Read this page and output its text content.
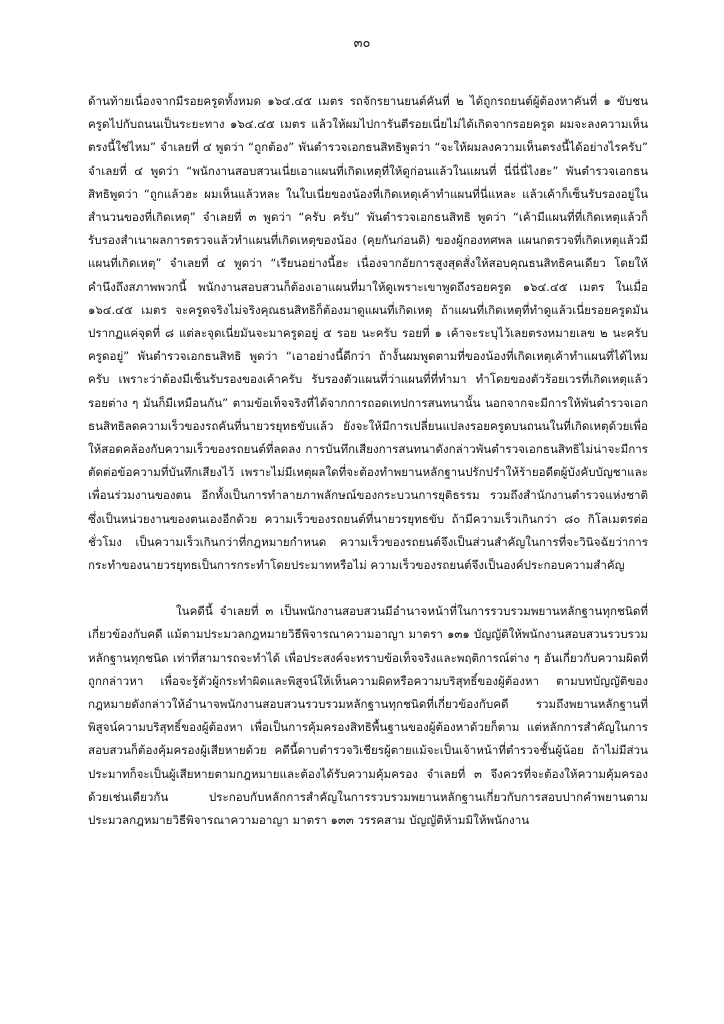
๓๐

ด้านท้ายเนื่องจากมีรอยครูดทั้งหมด ๑๖๔.๔๕ เมตร รถจักรยานยนต์คันที่ ๒ ได้ถูกรถยนต์ผู้ต้องหาคันที่ ๑ ขับชนครูดไปกับถนนเป็นระยะทาง ๑๖๔.๔๕ เมตร แล้วให้ผมไปการันตีรอยเนี่ยไม่ได้เกิดจากรอยครูด ผมจะลงความเห็นตรงนี้ใช่ไหม” จำเลยที่ ๔ พูดว่า “ถูกต้อง” พันตำรวจเอกธนสิทธิพูดว่า “จะให้ผมลงความเห็นตรงนี้ได้อย่างไรครับ” จำเลยที่ ๔ พูดว่า “พนักงานสอบสวนเนี่ยเอาแผนที่เกิดเหตุที่ให้ดูก่อนแล้วในแผนที่ นี่นี่นี่ไงฮะ” พันตำรวจเอกธนสิทธิพูดว่า “ถูกแล้วฮะ ผมเห็นแล้วหละ ในใบเนี่ยของน้องที่เกิดเหตุเค้าทำแผนที่นี่แหละ แล้วเค้าก็เซ็นรับรองอยู่ในสำนวนของที่เกิดเหตุ” จำเลยที่ ๓ พูดว่า “ครับ ครับ” พันตำรวจเอกธนสิทธิ พูดว่า “เค้ามีแผนที่ที่เกิดเหตุแล้วก็รับรองสำเนาผลการตรวจแล้วทำแผนที่เกิดเหตุของน้อง (คุยกันก่อนดิ) ของผู้กองทศพล แผนกตรวจที่เกิดเหตุแล้วมีแผนที่เกิดเหตุ” จำเลยที่ ๔ พูดว่า “เรียนอย่างนี้ฮะ เนื่องจากอัยการสูงสุดสั่งให้สอบคุณธนสิทธิคนเดียว โดยให้คำนึงถึงสภาพพวกนี้ พนักงานสอบสวนก็ต้องเอาแผนที่มาให้ดูเพราะเขาพูดถึงรอยครูด ๑๖๔.๔๕ เมตร ในเมื่อ ๑๖๔.๔๕ เมตร จะครูดจริงไม่จริงคุณธนสิทธิก็ต้องมาดูแผนที่เกิดเหตุ ถ้าแผนที่เกิดเหตุที่ทำดูแล้วเนี่ยรอยครูดมันปรากฏแค่จุดที่ ๘ แต่ละจุดเนี่ยมันจะมาครูดอยู่ ๕ รอย นะครับ รอยที่ ๑ เค้าจะระบุไว้เลยตรงหมายเลข ๒ นะครับ ครูดอยู่” พันตำรวจเอกธนสิทธิ พูดว่า “เอาอย่างนี้ดีกว่า ถ้างั้นผมพูดตามที่ของน้องที่เกิดเหตุเค้าทำแผนที่ได้ไหมครับ เพราะว่าต้องมีเซ็นรับรองของเค้าครับ รับรองตัวแผนที่ว่าแผนที่ที่ทำมา ทำโดยของตัวร้อยเวรที่เกิดเหตุแล้วรอยต่าง ๆ มันก็มีเหมือนกัน” ตามข้อเท็จจริงที่ได้จากการถอดเทปการสนทนานั้น นอกจากจะมีการให้พันตำรวจเอกธนสิทธิลดความเร็วของรถคันที่นายวรยุทธขับแล้ว ยังจะให้มีการเปลี่ยนแปลงรอยครูดบนถนนในที่เกิดเหตุด้วยเพื่อให้สอดคล้องกับความเร็วของรถยนต์ที่ลดลง การบันทึกเสียงการสนทนาดังกล่าวพันตำรวจเอกธนสิทธิไม่น่าจะมีการตัดต่อข้อความที่บันทึกเสียงไว้ เพราะไม่มีเหตุผลใดที่จะต้องทำพยานหลักฐานปรักปรำให้ร้ายอดีตผู้บังคับบัญชาและเพื่อนร่วมงานของตน อีกทั้งเป็นการทำลายภาพลักษณ์ของกระบวนการยุติธรรม รวมถึงสำนักงานตำรวจแห่งชาติซึ่งเป็นหน่วยงานของตนเองอีกด้วย ความเร็วของรถยนต์ที่นายวรยุทธขับ ถ้ามีความเร็วเกินกว่า ๘๐ กิโลเมตรต่อชั่วโมง เป็นความเร็วเกินกว่าที่กฎหมายกำหนด ความเร็วของรถยนต์จึงเป็นส่วนสำคัญในการที่จะวินิจฉัยว่าการกระทำของนายวรยุทธเป็นการกระทำโดยประมาทหรือไม่ ความเร็วของรถยนต์จึงเป็นองค์ประกอบความสำคัญ

ในคดีนี้ จำเลยที่ ๓ เป็นพนักงานสอบสวนมีอำนาจหน้าที่ในการรวบรวมพยานหลักฐานทุกชนิดที่เกี่ยวข้องกับคดี แม้ตามประมวลกฎหมายวิธีพิจารณาความอาญา มาตรา ๑๓๑ บัญญัติให้พนักงานสอบสวนรวบรวมหลักฐานทุกชนิด เท่าที่สามารถจะทำได้ เพื่อประสงค์จะทราบข้อเท็จจริงและพฤติการณ์ต่าง ๆ อันเกี่ยวกับความผิดที่ถูกกล่าวหา เพื่อจะรู้ตัวผู้กระทำผิดและพิสูจน์ให้เห็นความผิดหรือความบริสุทธิ์ของผู้ต้องหา ตามบทบัญญัติของกฎหมายดังกล่าวให้อำนาจพนักงานสอบสวนรวบรวมหลักฐานทุกชนิดที่เกี่ยวข้องกับคดี รวมถึงพยานหลักฐานที่พิสูจน์ความบริสุทธิ์ของผู้ต้องหา เพื่อเป็นการคุ้มครองสิทธิพื้นฐานของผู้ต้องหาด้วยก็ตาม แต่หลักการสำคัญในการสอบสวนก็ต้องคุ้มครองผู้เสียหายด้วย คดีนี้ดาบตำรวจวิเชียรผู้ตายแม้จะเป็นเจ้าหน้าที่ตำรวจชั้นผู้น้อย ถ้าไม่มีส่วนประมาทก็จะเป็นผู้เสียหายตามกฎหมายและต้องได้รับความคุ้มครอง จำเลยที่ ๓ จึงควรที่จะต้องให้ความคุ้มครองด้วยเช่นเดียวกัน ประกอบกับหลักการสำคัญในการรวบรวมพยานหลักฐานเกี่ยวกับการสอบปากคำพยานตามประมวลกฎหมายวิธีพิจารณาความอาญา มาตรา ๑๓๓ วรรคสาม บัญญัติห้ามมิให้พนักงาน
